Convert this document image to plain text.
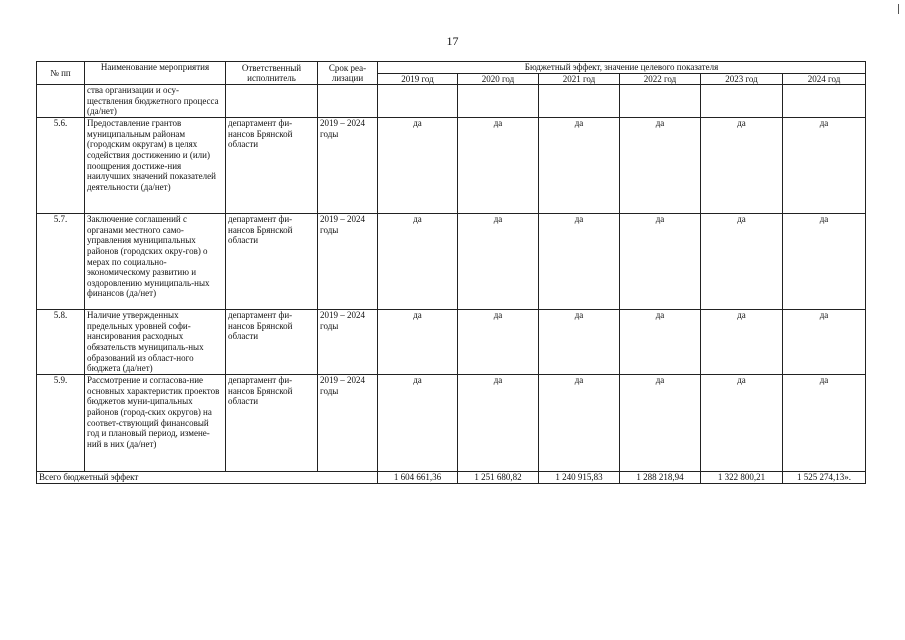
17
№ пп	Наименование мероприятия	Ответственный исполнитель	Срок реа-лизации	Бюджетный эффект, значение целевого показателя					
				2019 год	2020 год	2021 год	2022 год	2023 год	2024 год
	ства организации и осу-ществления бюджетного процесса (да/нет)								
5.6.	Предоставление грантов муниципальным районам (городским округам) в целях содействия достижению и (или) поощрения достиже-ния наилучших значений показателей деятельности (да/нет)	департамент фи-нансов Брянской области	2019 – 2024 годы	да	да	да	да	да	да
5.7.	Заключение соглашений с органами местного само-управления муниципальных районов (городских окру-гов) о мерах по социально-экономическому развитию и оздоровлению муниципаль-ных финансов (да/нет)	департамент фи-нансов Брянской области	2019 – 2024 годы	да	да	да	да	да	да
5.8.	Наличие утвержденных предельных уровней софи-нансирования расходных обязательств муниципаль-ных образований из област-ного бюджета (да/нет)	департамент фи-нансов Брянской области	2019 – 2024 годы	да	да	да	да	да	да
5.9.	Рассмотрение и согласова-ние основных характеристик проектов бюджетов муни-ципальных районов (город-ских округов) на соответ-ствующий финансовый год и плановый период, измене-ний в них (да/нет)	департамент фи-нансов Брянской области	2019 – 2024 годы	да	да	да	да	да	да
Всего бюджетный эффект				1 604 661,36	1 251 680,82	1 240 915,83	1 288 218,94	1 322 800,21	1 525 274,13».
